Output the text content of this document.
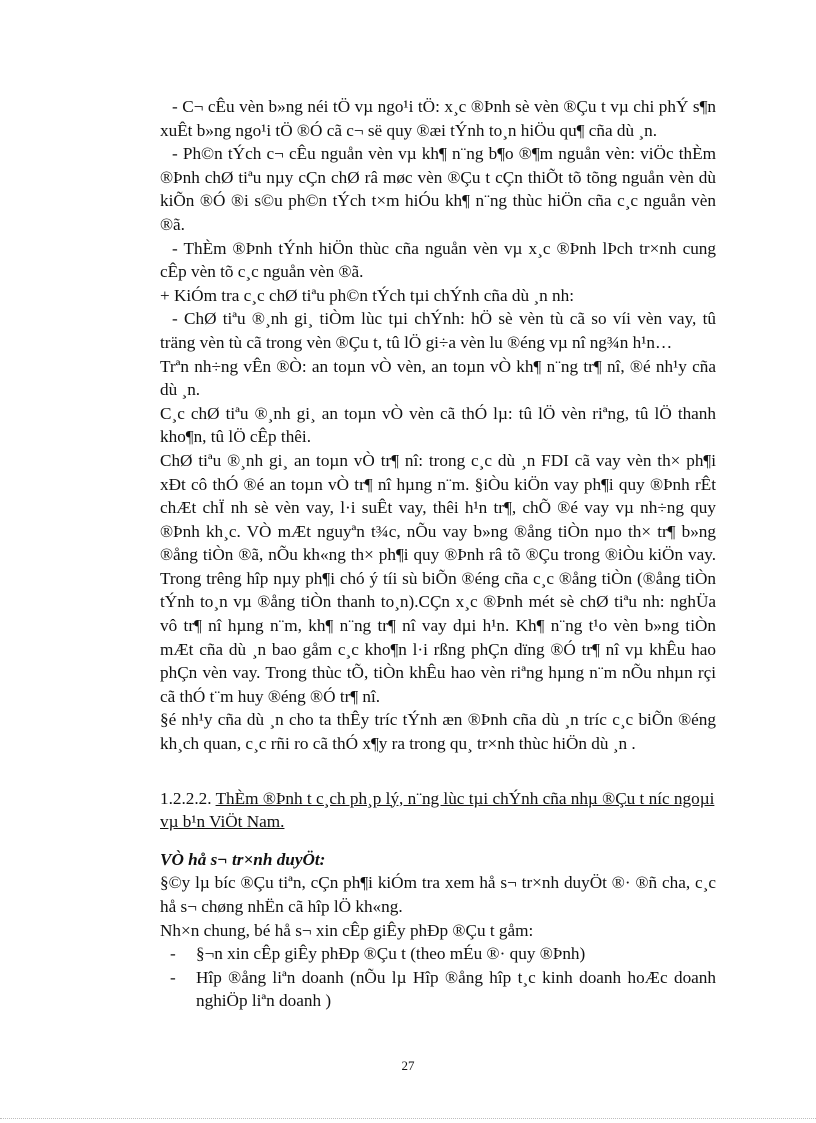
- C¬ cÊu vèn b»ng néi tÖ vµ ngo¹i tÖ: x¸c ®Þnh sè vèn ®Çu t vµ chi phÝ s¶n xuÊt b»ng ngo¹i tÖ ®Ó cã c¬ së quy ®æi tÝnh to¸n hiÖu qu¶ cña dù ¸n.

- Ph©n tÝch c¬ cÊu nguån vèn vµ kh¶ n¨ng b¶o ®¶m nguån vèn: viÖc thÈm ®Þnh chØ tiªu nµy cÇn chØ râ møc vèn ®Çu t cÇn thiÕt tõ tõng nguån vèn dù kiÕn ®Ó ®i s©u ph©n tÝch t×m hiÓu kh¶ n¨ng thùc hiÖn cña c¸c nguån vèn ®ã.

- ThÈm ®Þnh tÝnh hiÖn thùc cña nguån vèn vµ x¸c ®Þnh lÞch tr×nh cung cÊp vèn tõ c¸c nguån vèn ®ã.

+ KiÓm tra c¸c chØ tiªu ph©n tÝch tµi chÝnh cña dù ¸n nh:

- ChØ tiªu ®¸nh gi¸ tiÒm lùc tµi chÝnh: hÖ sè vèn tù cã so víi vèn vay, tû träng vèn tù cã trong vèn ®Çu t, tû lÖ gi÷a vèn lu ®éng vµ nî ng¾n h¹n…

Trªn nh÷ng vÊn ®Ò: an toµn vÒ vèn, an toµn vÒ kh¶ n¨ng tr¶ nî, ®é nh¹y cña dù ¸n.

C¸c chØ tiªu ®¸nh gi¸ an toµn vÒ vèn cã thÓ lµ: tû lÖ vèn riªng, tû lÖ thanh kho¶n, tû lÖ cÊp thêi.

ChØ tiªu ®¸nh gi¸ an toµn vÒ tr¶ nî: trong c¸c dù ¸n FDI cã vay vèn th× ph¶i xÐt cô thÓ ®é an toµn vÒ tr¶ nî hµng n¨m. §iÒu kiÖn vay ph¶i quy ®Þnh rÊt chÆt chÏ nh sè vèn vay, l·i suÊt vay, thêi h¹n tr¶, chÕ ®é vay vµ nh÷ng quy ®Þnh kh¸c. VÒ mÆt nguyªn t¾c, nÕu vay b»ng ®ång tiÒn nµo th× tr¶ b»ng ®ång tiÒn ®ã, nÕu kh«ng th× ph¶i quy ®Þnh râ tõ ®Çu trong ®iÒu kiÖn vay. Trong trêng hîp nµy ph¶i chó ý tíi sù biÕn ®éng cña c¸c ®ång tiÒn (®ång tiÒn tÝnh to¸n vµ ®ång tiÒn thanh to¸n).CÇn x¸c ®Þnh mét sè chØ tiªu nh: nghÜa vô tr¶ nî hµng n¨m, kh¶ n¨ng tr¶ nî vay dµi h¹n. Kh¶ n¨ng t¹o vèn b»ng tiÒn mÆt cña dù ¸n bao gåm c¸c kho¶n l·i rßng phÇn dïng ®Ó tr¶ nî vµ khÊu hao phÇn vèn vay. Trong thùc tÕ, tiÒn khÊu hao vèn riªng hµng n¨m nÕu nhµn rçi cã thÓ t¨m huy ®éng ®Ó tr¶ nî.

§é nh¹y cña dù ¸n cho ta thÊy tríc tÝnh æn ®Þnh cña dù ¸n tríc c¸c biÕn ®éng kh¸ch quan, c¸c rñi ro cã thÓ x¶y ra trong qu¸ tr×nh thùc hiÖn dù ¸n .

1.2.2.2. ThÈm ®Þnh t c¸ch ph¸p lý, n¨ng lùc tµi chÝnh cña nhµ ®Çu t níc ngoµi vµ b¹n ViÖt Nam.

VÒ hå s¬ tr×nh duyÖt:

§©y lµ bíc ®Çu tiªn, cÇn ph¶i kiÓm tra xem hå s¬ tr×nh duyÖt ®· ®ñ cha, c¸c hå s¬ chøng nhËn cã hîp lÖ kh«ng.

Nh×n chung, bé hå s¬ xin cÊp giÊy phÐp ®Çu t gåm:

-	§¬n xin cÊp giÊy phÐp ®Çu t (theo mÉu ®· quy ®Þnh)
-	Hîp ®ång liªn doanh (nÕu lµ Hîp ®ång hîp t¸c kinh doanh hoÆc doanh nghiÖp liªn doanh )
27
